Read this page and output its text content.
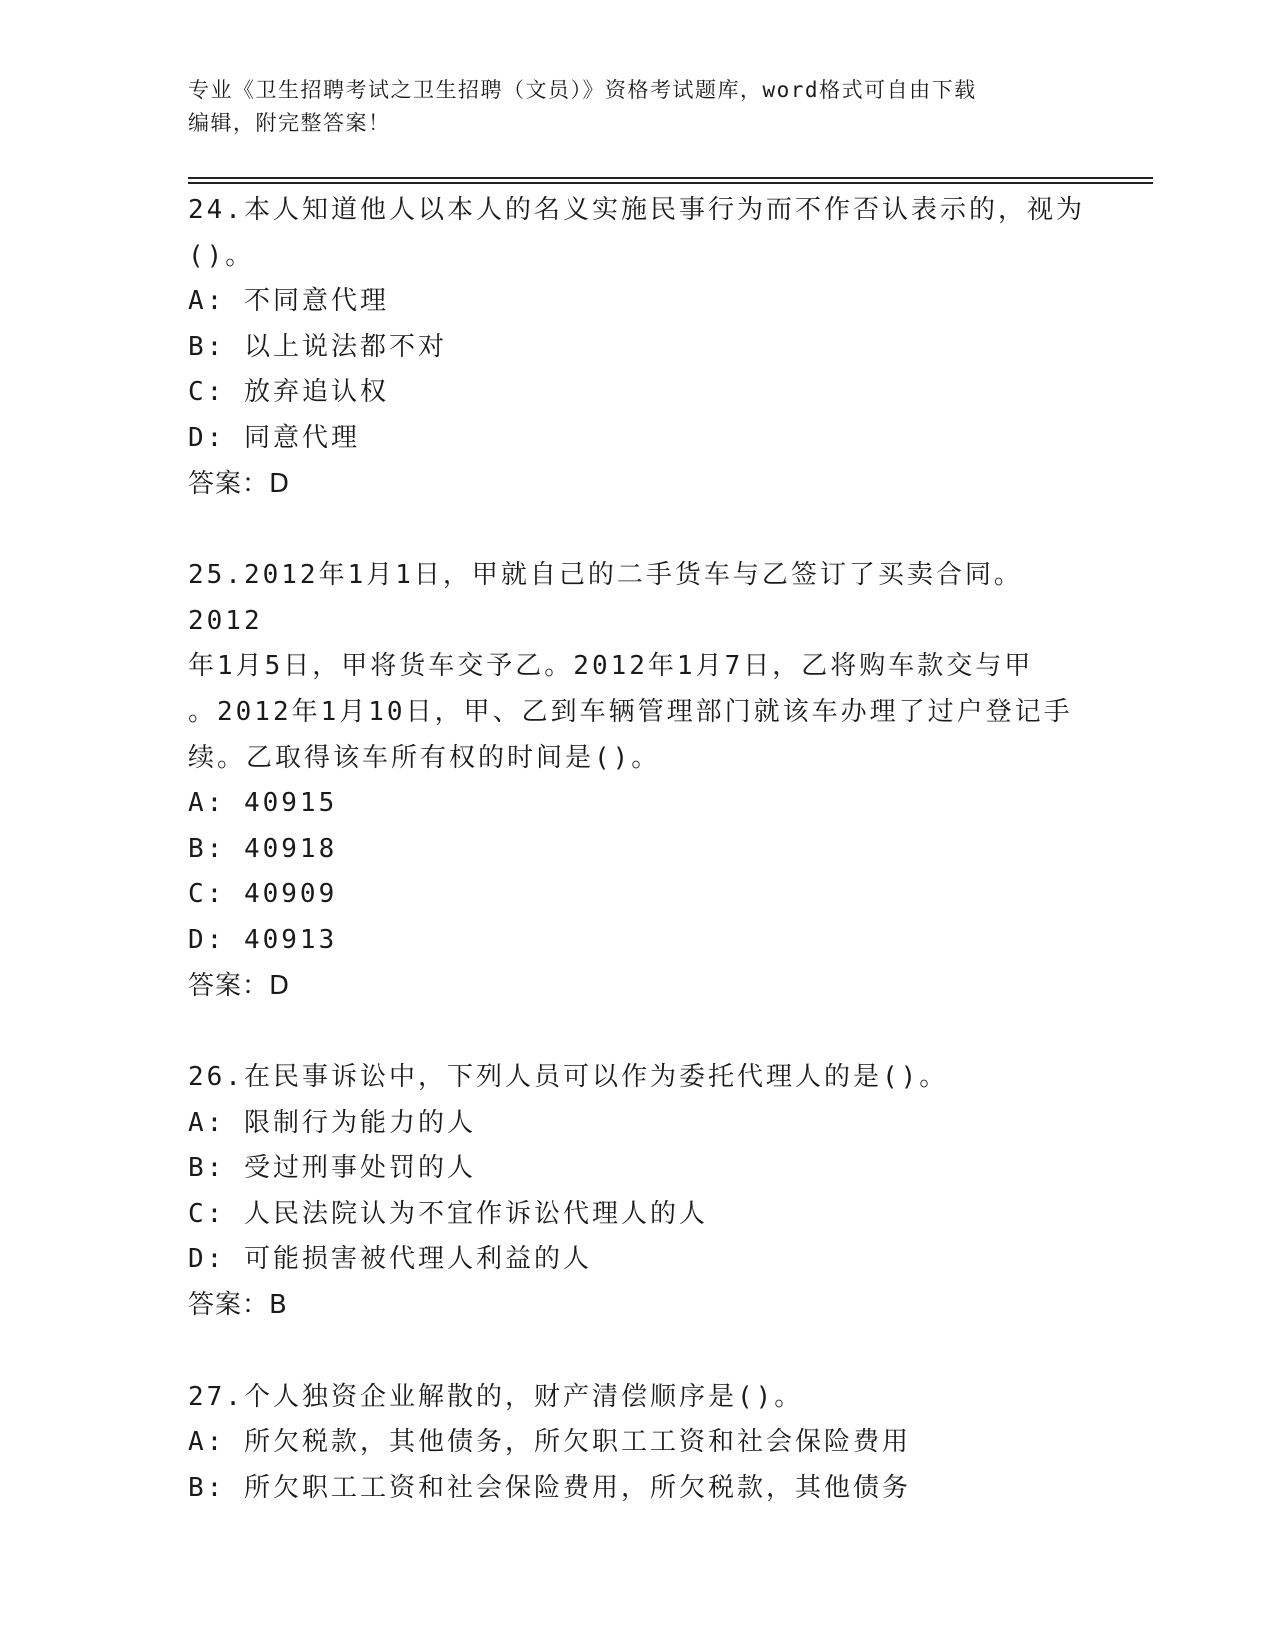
专业《卫生招聘考试之卫生招聘（文员）》资格考试题库，word格式可自由下载
编辑，附完整答案！

24.本人知道他人以本人的名义实施民事行为而不作否认表示的，视为

()。

A: 不同意代理

B: 以上说法都不对

C: 放弃追认权

D: 同意代理

答案：D

25.2012年1月1日，甲就自己的二手货车与乙签订了买卖合同。2012

年1月5日，甲将货车交予乙。2012年1月7日，乙将购车款交与甲

。2012年1月10日，甲、乙到车辆管理部门就该车办理了过户登记手

续。乙取得该车所有权的时间是()。

A: 40915

B: 40918

C: 40909

D: 40913

答案：D

26.在民事诉讼中，下列人员可以作为委托代理人的是()。

A: 限制行为能力的人

B: 受过刑事处罚的人

C: 人民法院认为不宜作诉讼代理人的人

D: 可能损害被代理人利益的人

答案：B

27.个人独资企业解散的，财产清偿顺序是()。

A: 所欠税款，其他债务，所欠职工工资和社会保险费用

B: 所欠职工工资和社会保险费用，所欠税款，其他债务
